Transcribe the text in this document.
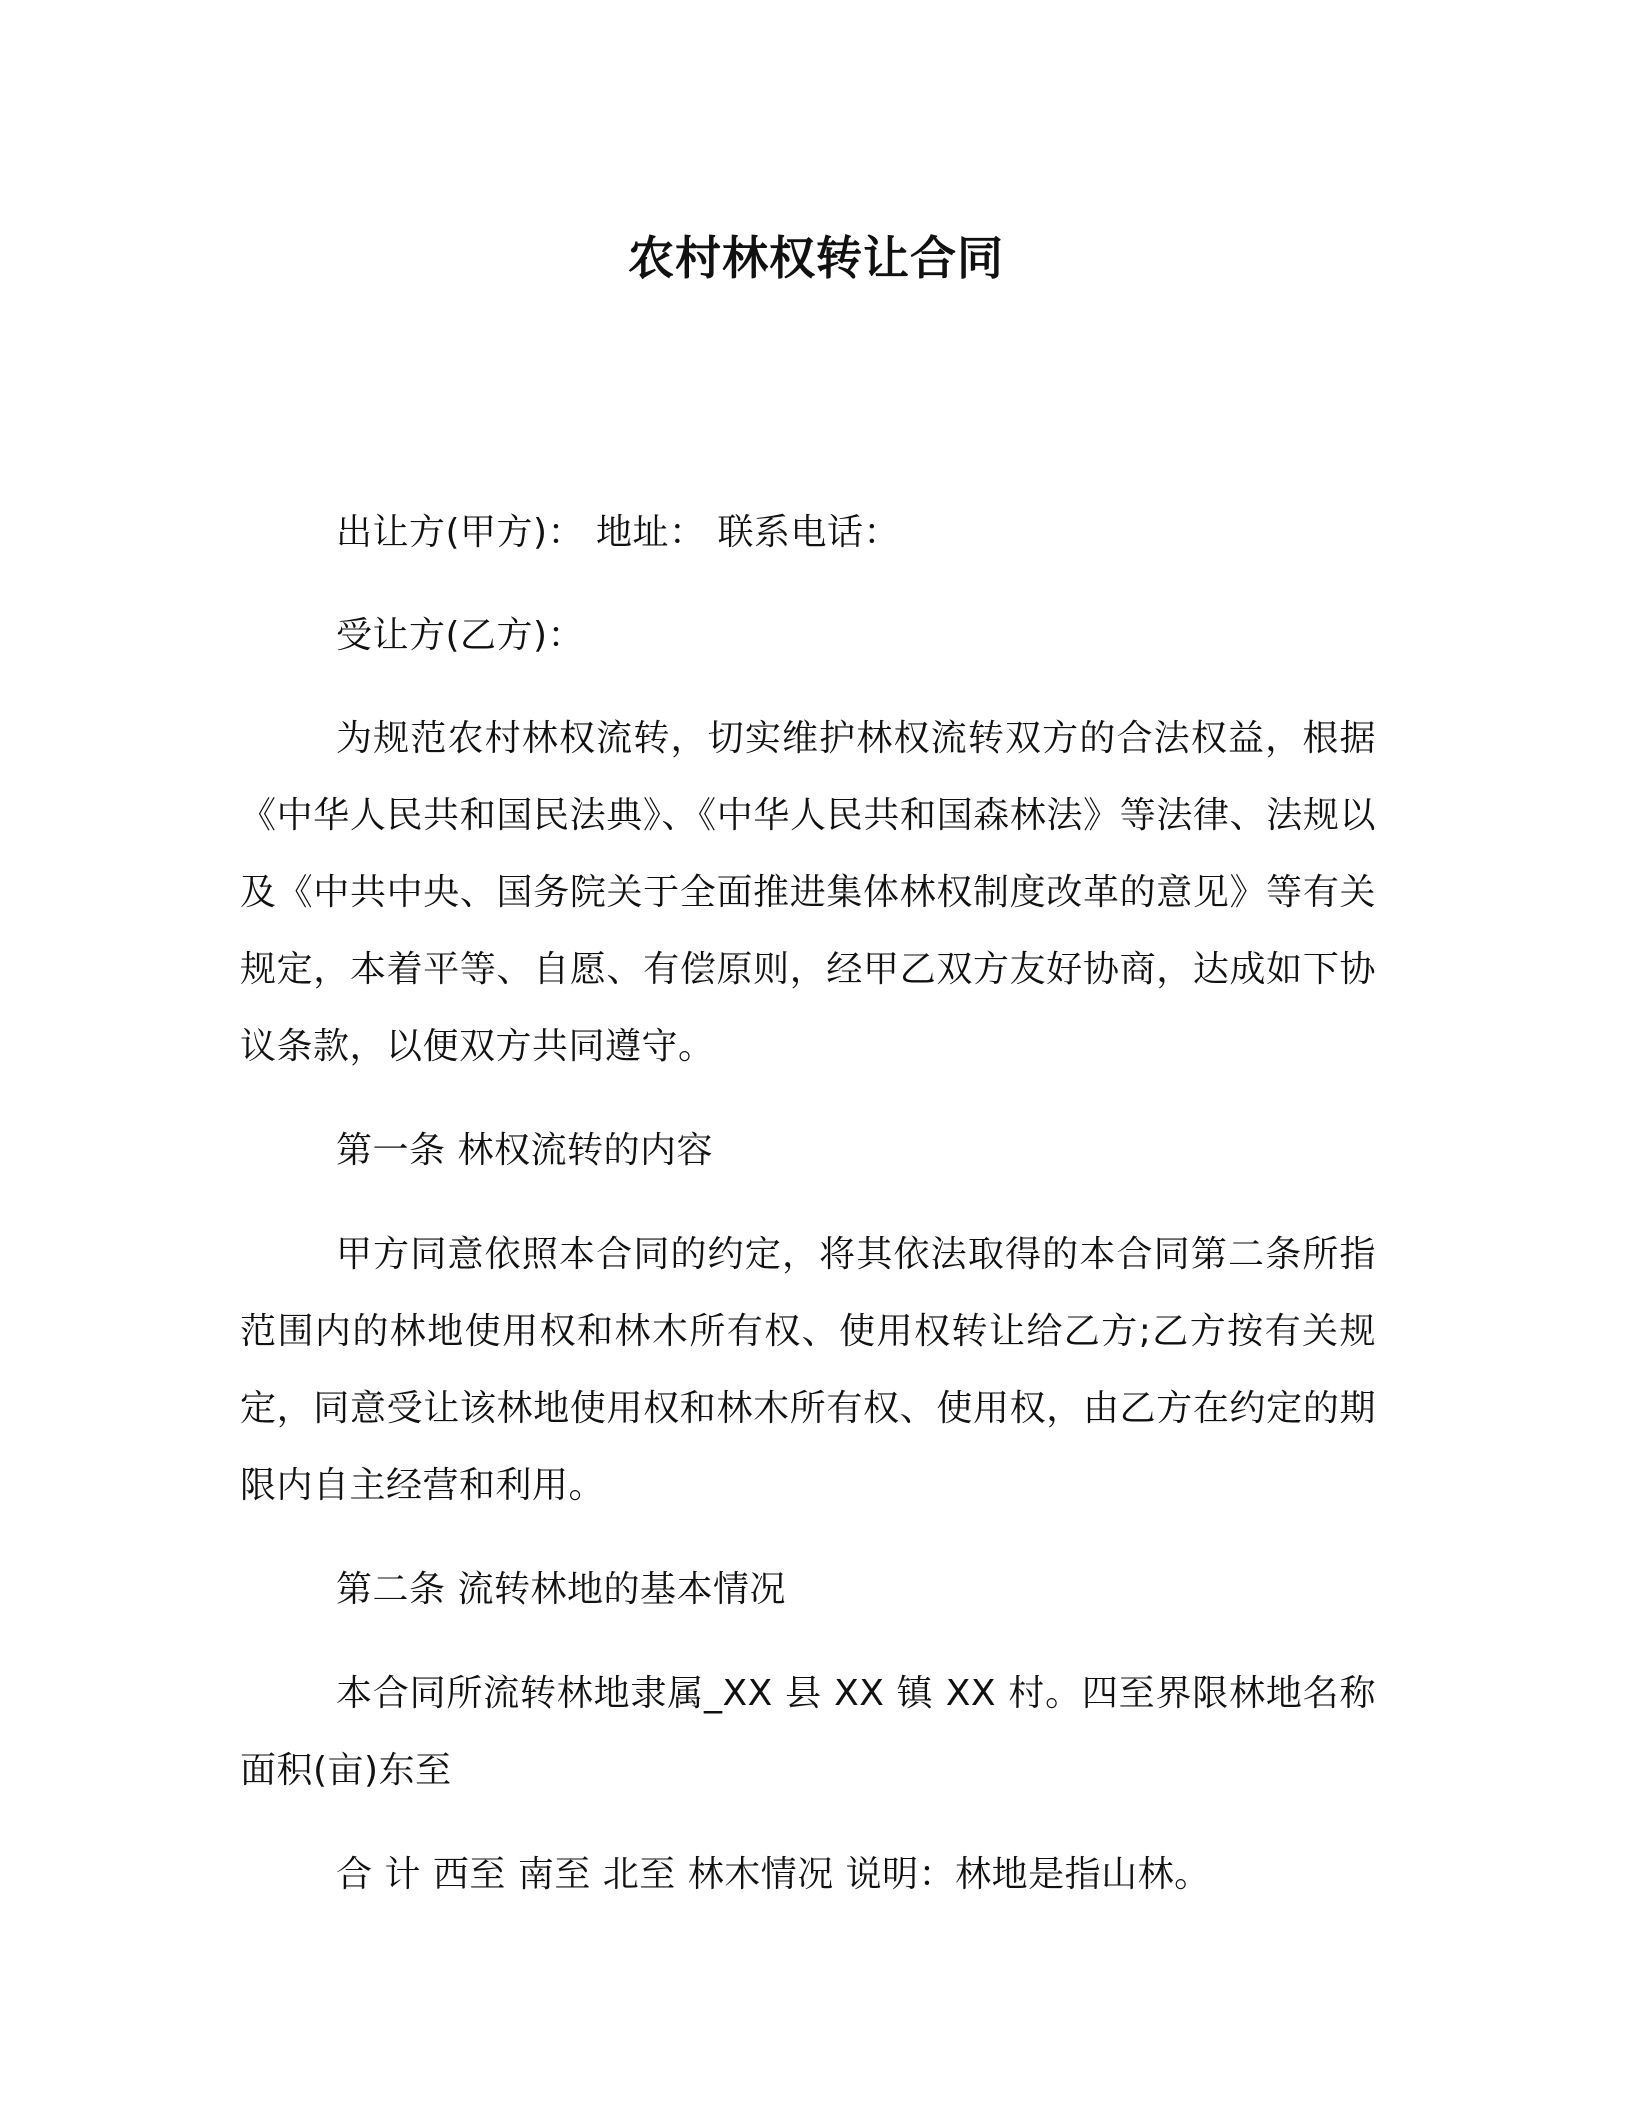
农村林权转让合同

出让方(甲方)： 地址： 联系电话：

受让方(乙方)：

为规范农村林权流转，切实维护林权流转双方的合法权益，根据《中华人民共和国民法典》、《中华人民共和国森林法》等法律、法规以及《中共中央、国务院关于全面推进集体林权制度改革的意见》等有关规定，本着平等、自愿、有偿原则，经甲乙双方友好协商，达成如下协议条款，以便双方共同遵守。

第一条 林权流转的内容

甲方同意依照本合同的约定，将其依法取得的本合同第二条所指范围内的林地使用权和林木所有权、使用权转让给乙方;乙方按有关规定，同意受让该林地使用权和林木所有权、使用权，由乙方在约定的期限内自主经营和利用。

第二条 流转林地的基本情况

本合同所流转林地隶属_XX 县 XX 镇 XX 村。四至界限林地名称面积(亩)东至

合 计 西至 南至 北至 林木情况 说明：林地是指山林。
